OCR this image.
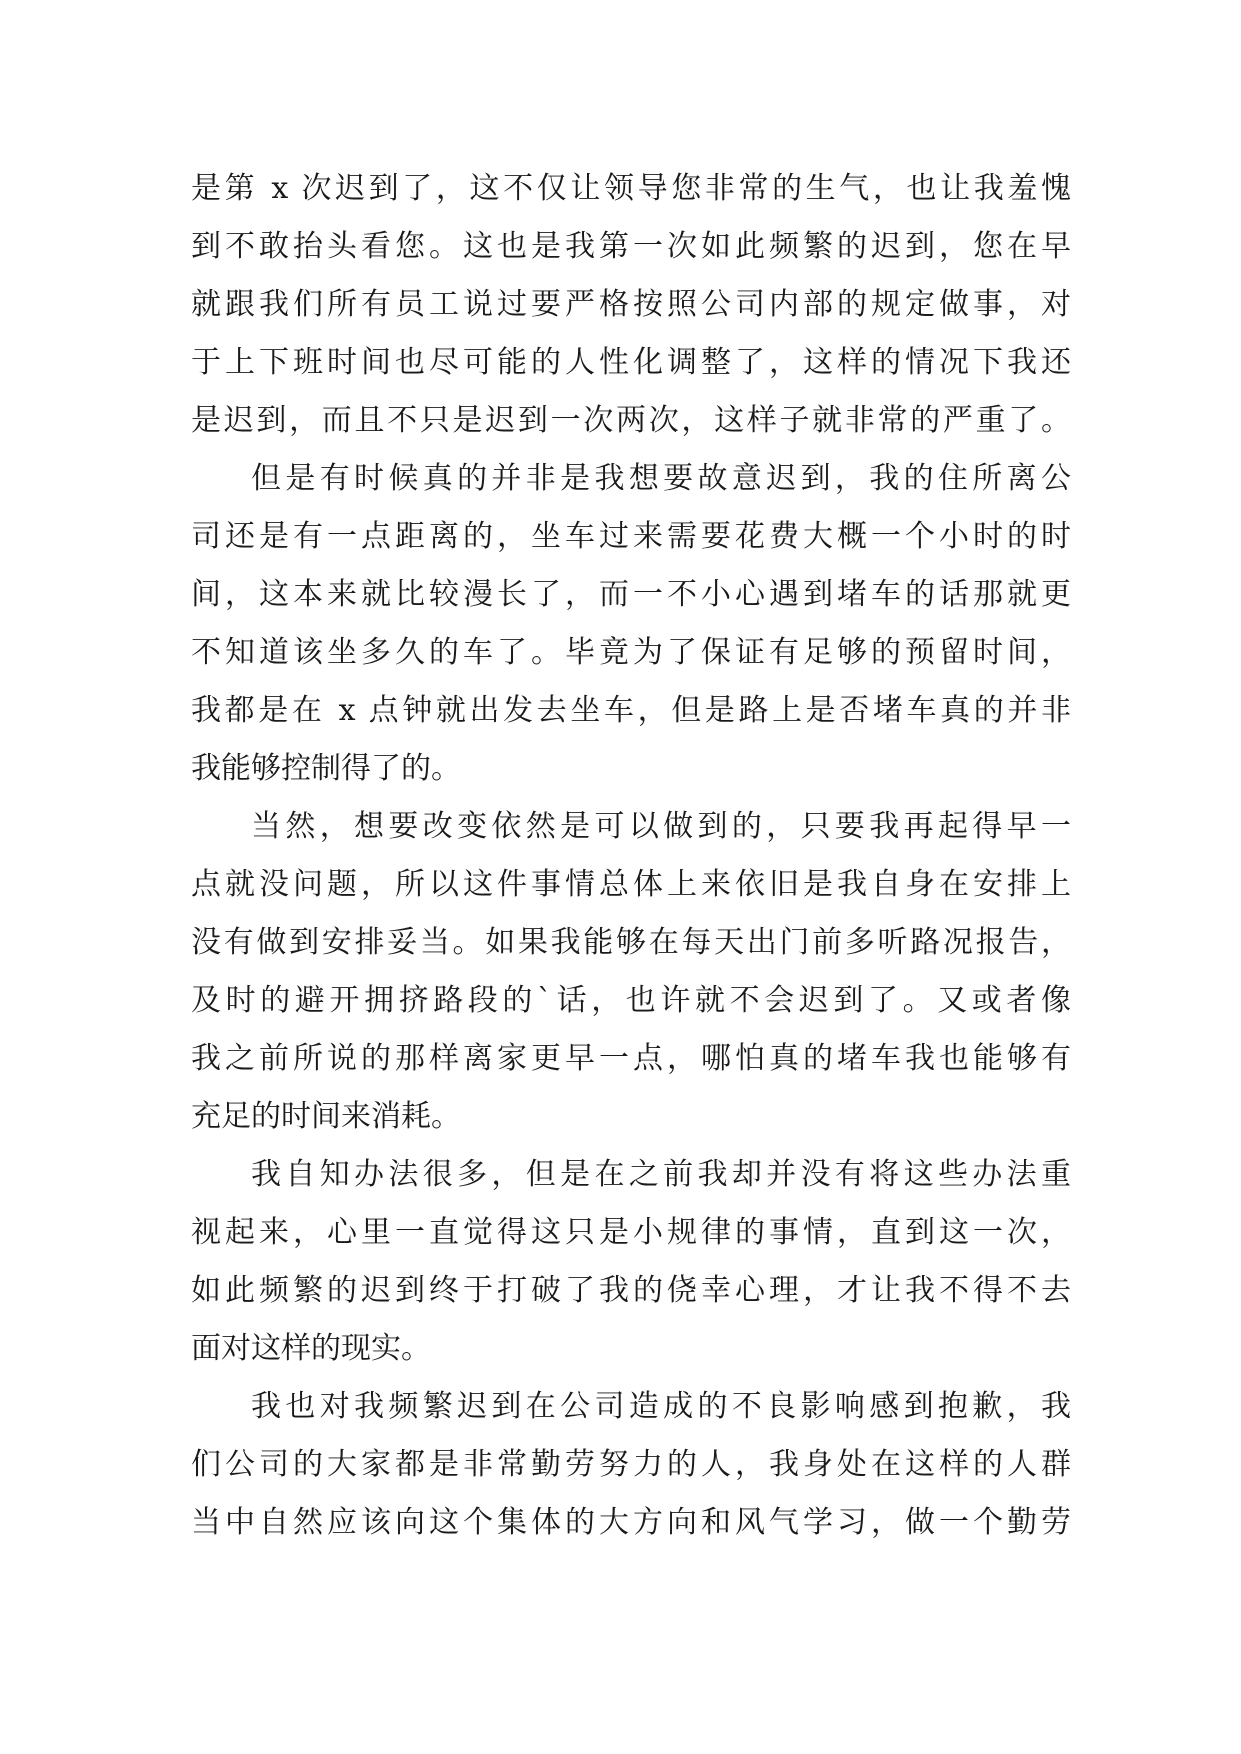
是第 x 次迟到了，这不仅让领导您非常的生气，也让我羞愧
到不敢抬头看您。这也是我第一次如此频繁的迟到，您在早
就跟我们所有员工说过要严格按照公司内部的规定做事，对
于上下班时间也尽可能的人性化调整了，这样的情况下我还
是迟到，而且不只是迟到一次两次，这样子就非常的严重了。
但是有时候真的并非是我想要故意迟到，我的住所离公
司还是有一点距离的，坐车过来需要花费大概一个小时的时
间，这本来就比较漫长了，而一不小心遇到堵车的话那就更
不知道该坐多久的车了。毕竟为了保证有足够的预留时间，
我都是在 x 点钟就出发去坐车，但是路上是否堵车真的并非
我能够控制得了的。
当然，想要改变依然是可以做到的，只要我再起得早一
点就没问题，所以这件事情总体上来依旧是我自身在安排上
没有做到安排妥当。如果我能够在每天出门前多听路况报告，
及时的避开拥挤路段的`话，也许就不会迟到了。又或者像
我之前所说的那样离家更早一点，哪怕真的堵车我也能够有
充足的时间来消耗。
我自知办法很多，但是在之前我却并没有将这些办法重
视起来，心里一直觉得这只是小规律的事情，直到这一次，
如此频繁的迟到终于打破了我的侥幸心理，才让我不得不去
面对这样的现实。
我也对我频繁迟到在公司造成的不良影响感到抱歉，我
们公司的大家都是非常勤劳努力的人，我身处在这样的人群
当中自然应该向这个集体的大方向和风气学习，做一个勤劳
